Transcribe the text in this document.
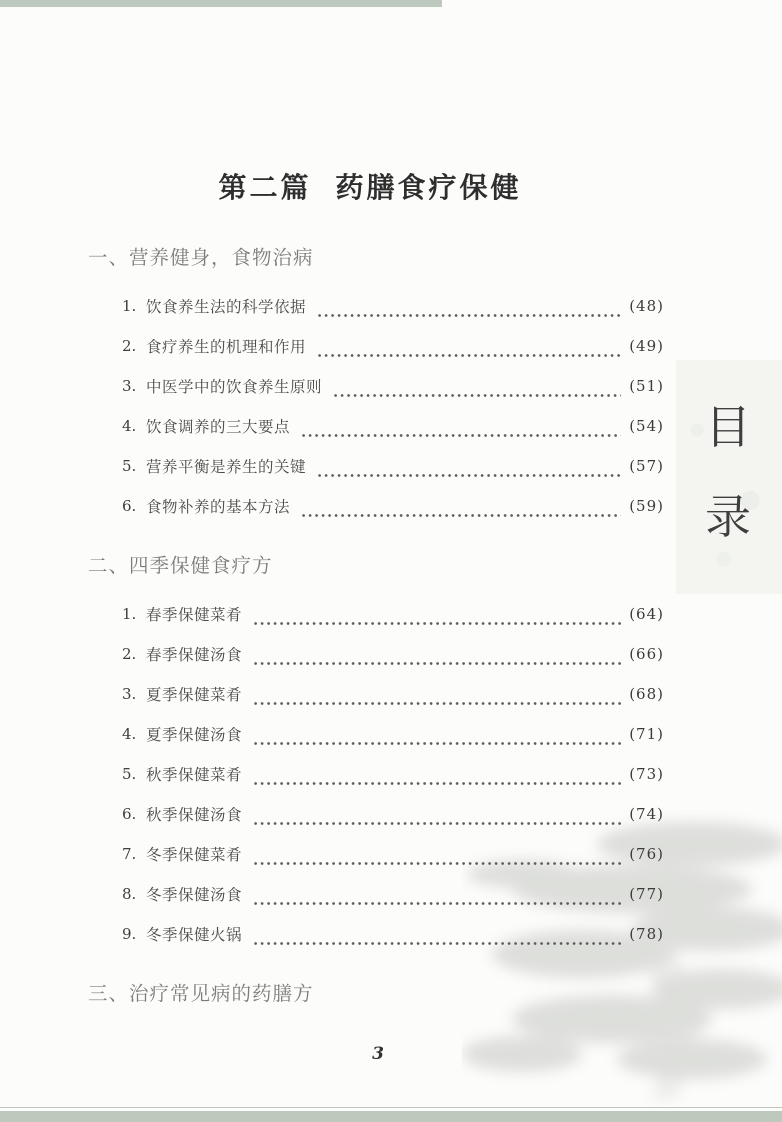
第二篇 药膳食疗保健
一、营养健身，食物治病
1. 饮食养生法的科学依据	(48)
2. 食疗养生的机理和作用	(49)
3. 中医学中的饮食养生原则	(51)
4. 饮食调养的三大要点	(54)
5. 营养平衡是养生的关键	(57)
6. 食物补养的基本方法	(59)
二、四季保健食疗方
1. 春季保健菜肴	(64)
2. 春季保健汤食	(66)
3. 夏季保健菜肴	(68)
4. 夏季保健汤食	(71)
5. 秋季保健菜肴	(73)
6. 秋季保健汤食	(74)
7. 冬季保健菜肴	(76)
8. 冬季保健汤食	(77)
9. 冬季保健火锅	(78)
三、治疗常见病的药膳方
目
录
3
